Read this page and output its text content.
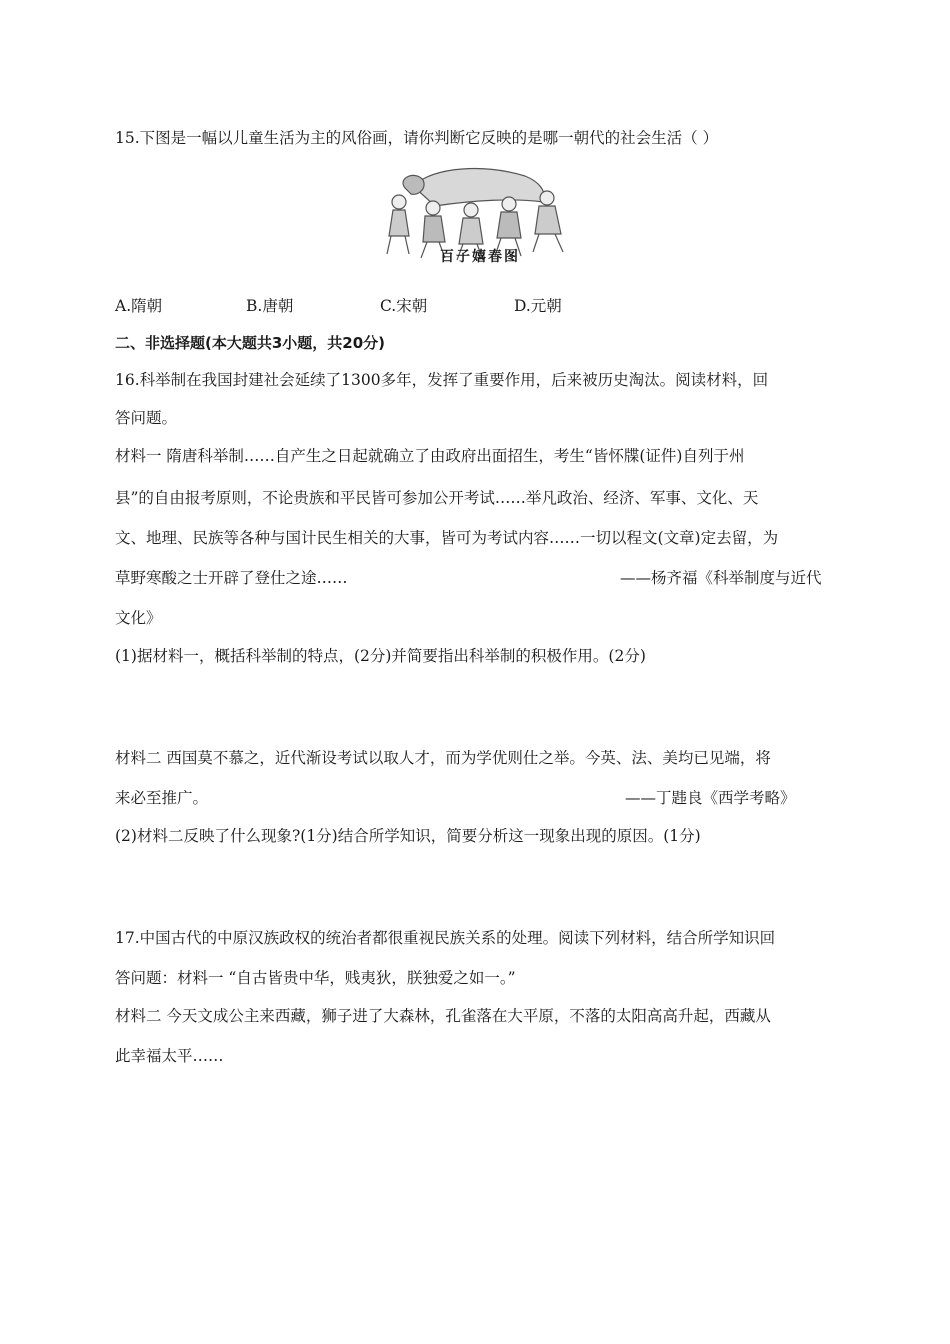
15.下图是一幅以儿童生活为主的风俗画，请你判断它反映的是哪一朝代的社会生活（ ）
百子嬉春图
A.隋朝	B.唐朝	C.宋朝	D.元朝
二、非选择题(本大题共3小题，共20分)
16.科举制在我国封建社会延续了1300多年，发挥了重要作用，后来被历史淘汰。阅读材料，回
答问题。
材料一 隋唐科举制……自产生之日起就确立了由政府出面招生，考生“皆怀牒(证件)自列于州
县”的自由报考原则，不论贵族和平民皆可参加公开考试……举凡政治、经济、军事、文化、天
文、地理、民族等各种与国计民生相关的大事，皆可为考试内容……一切以程文(文章)定去留，为
草野寒酸之士开辟了登仕之途……	——杨齐福《科举制度与近代
文化》
(1)据材料一，概括科举制的特点，(2分)并简要指出科举制的积极作用。(2分)
材料二 西国莫不慕之，近代渐设考试以取人才，而为学优则仕之举。今英、法、美均已见端，将
来必至推广。	——丁韪良《西学考略》
(2)材料二反映了什么现象?(1分)结合所学知识，简要分析这一现象出现的原因。(1分)
17.中国古代的中原汉族政权的统治者都很重视民族关系的处理。阅读下列材料，结合所学知识回
答问题：材料一 “自古皆贵中华，贱夷狄，朕独爱之如一。”
材料二 今天文成公主来西藏，狮子进了大森林，孔雀落在大平原，不落的太阳高高升起，西藏从
此幸福太平……
